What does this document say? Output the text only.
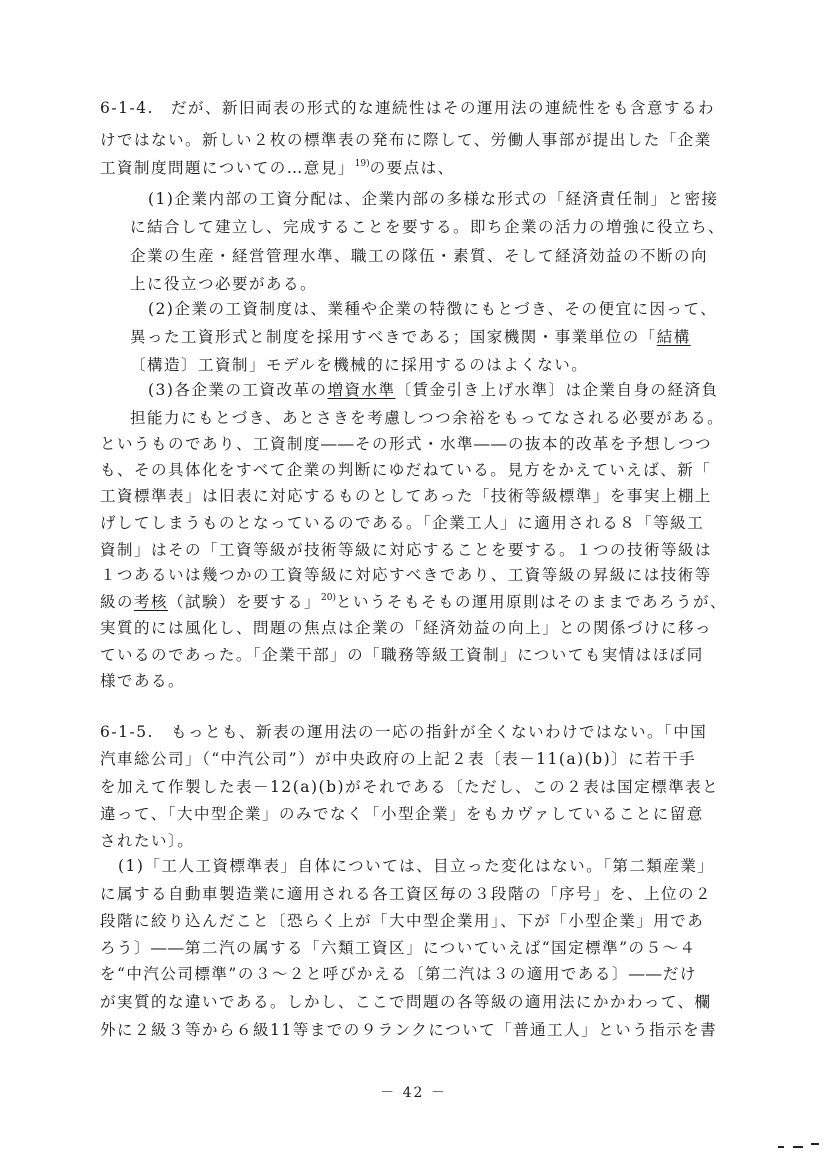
6-1-4.　だが、新旧両表の形式的な連続性はその運用法の連続性をも含意するわ
けではない。新しい２枚の標準表の発布に際して、労働人事部が提出した「企業
工資制度問題についての…意見」$^{19)}$の要点は、
(1)企業内部の工資分配は、企業内部の多様な形式の「経済責任制」と密接
に結合して建立し、完成することを要する。即ち企業の活力の増強に役立ち、
企業の生産・経営管理水準、職工の隊伍・素質、そして経済効益の不断の向
上に役立つ必要がある。
(2)企業の工資制度は、業種や企業の特徴にもとづき、その便宜に因って、
異った工資形式と制度を採用すべきである；国家機関・事業単位の「結構
〔構造〕工資制」モデルを機械的に採用するのはよくない。
(3)各企業の工資改革の増資水準〔賃金引き上げ水準〕は企業自身の経済負
担能力にもとづき、あとさきを考慮しつつ余裕をもってなされる必要がある。
というものであり、工資制度――その形式・水準――の抜本的改革を予想しつつ
も、その具体化をすべて企業の判断にゆだねている。見方をかえていえば、新「
工資標準表」は旧表に対応するものとしてあった「技術等級標準」を事実上棚上
げしてしまうものとなっているのである。「企業工人」に適用される８「等級工
資制」はその「工資等級が技術等級に対応することを要する。１つの技術等級は
１つあるいは幾つかの工資等級に対応すべきであり、工資等級の昇級には技術等
級の考核（試験）を要する」$^{20)}$というそもそもの運用原則はそのままであろうが、
実質的には風化し、問題の焦点は企業の「経済効益の向上」との関係づけに移っ
ているのであった。「企業干部」の「職務等級工資制」についても実情はほぼ同
様である。
6-1-5.　もっとも、新表の運用法の一応の指針が全くないわけではない。「中国
汽車総公司」（“中汽公司”）が中央政府の上記２表〔表－11(a)(b)〕に若干手
を加えて作製した表－12(a)(b)がそれである〔ただし、この２表は国定標準表と
違って、「大中型企業」のみでなく「小型企業」をもカヴァしていることに留意
されたい〕。
(1)「工人工資標準表」自体については、目立った変化はない。「第二類産業」
に属する自動車製造業に適用される各工資区毎の３段階の「序号」を、上位の２
段階に絞り込んだこと〔恐らく上が「大中型企業用」、下が「小型企業」用であ
ろう〕――第二汽の属する「六類工資区」についていえば“国定標準”の５～４
を“中汽公司標準”の３～２と呼びかえる〔第二汽は３の適用である〕――だけ
が実質的な違いである。しかし、ここで問題の各等級の適用法にかかわって、欄
外に２級３等から６級11等までの９ランクについて「普通工人」という指示を書
－ 42 －
